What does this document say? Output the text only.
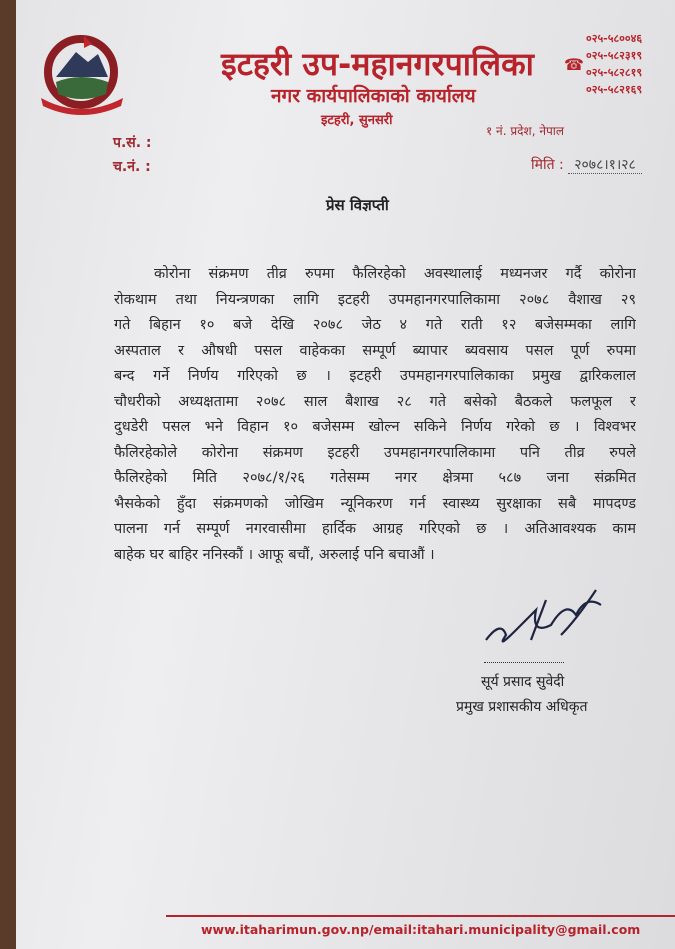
इटहरी उप-महानगरपालिका
नगर कार्यपालिकाको कार्यालय
इटहरी, सुनसरी
१ नं. प्रदेश, नेपाल
☎
०२५-५८००४६
०२५-५८२३१९
०२५-५८२८१९
०२५-५८२१६९
प.सं. :
च.नं. :	मिति : २०७८।१।२८
प्रेस विज्ञप्ती
कोरोना संक्रमण तीव्र रुपमा फैलिरहेको अवस्थालाई मध्यनजर गर्दै कोरोना
रोकथाम तथा नियन्त्रणका लागि इटहरी उपमहानगरपालिकामा २०७८ वैशाख २९
गते बिहान १० बजे देखि २०७८ जेठ ४ गते राती १२ बजेसम्मका लागि
अस्पताल र औषधी पसल वाहेकका सम्पूर्ण ब्यापार ब्यवसाय पसल पूर्ण रुपमा
बन्द गर्ने निर्णय गरिएको छ । इटहरी उपमहानगरपालिकाका प्रमुख द्वारिकलाल
चौधरीको अध्यक्षतामा २०७८ साल बैशाख २८ गते बसेको बैठकले फलफूल र
दुधडेरी पसल भने विहान १० बजेसम्म खोल्न सकिने निर्णय गरेको छ । विश्वभर
फैलिरहेकोले कोरोना संक्रमण इटहरी उपमहानगरपालिकामा पनि तीव्र रुपले
फैलिरहेको मिति २०७८/१/२६ गतेसम्म नगर क्षेत्रमा ५८७ जना संक्रमित
भैसकेको हुँदा संक्रमणको जोखिम न्यूनिकरण गर्न स्वास्थ्य सुरक्षाका सबै मापदण्ड
पालना गर्न सम्पूर्ण नगरवासीमा हार्दिक आग्रह गरिएको छ । अतिआवश्यक काम
बाहेक घर बाहिर ननिस्कौं । आफू बचौं, अरुलाई पनि बचाऔं ।
सूर्य प्रसाद सुवेदी
प्रमुख प्रशासकीय अधिकृत
www.itaharimun.gov.np/email:itahari.municipality@gmail.com
